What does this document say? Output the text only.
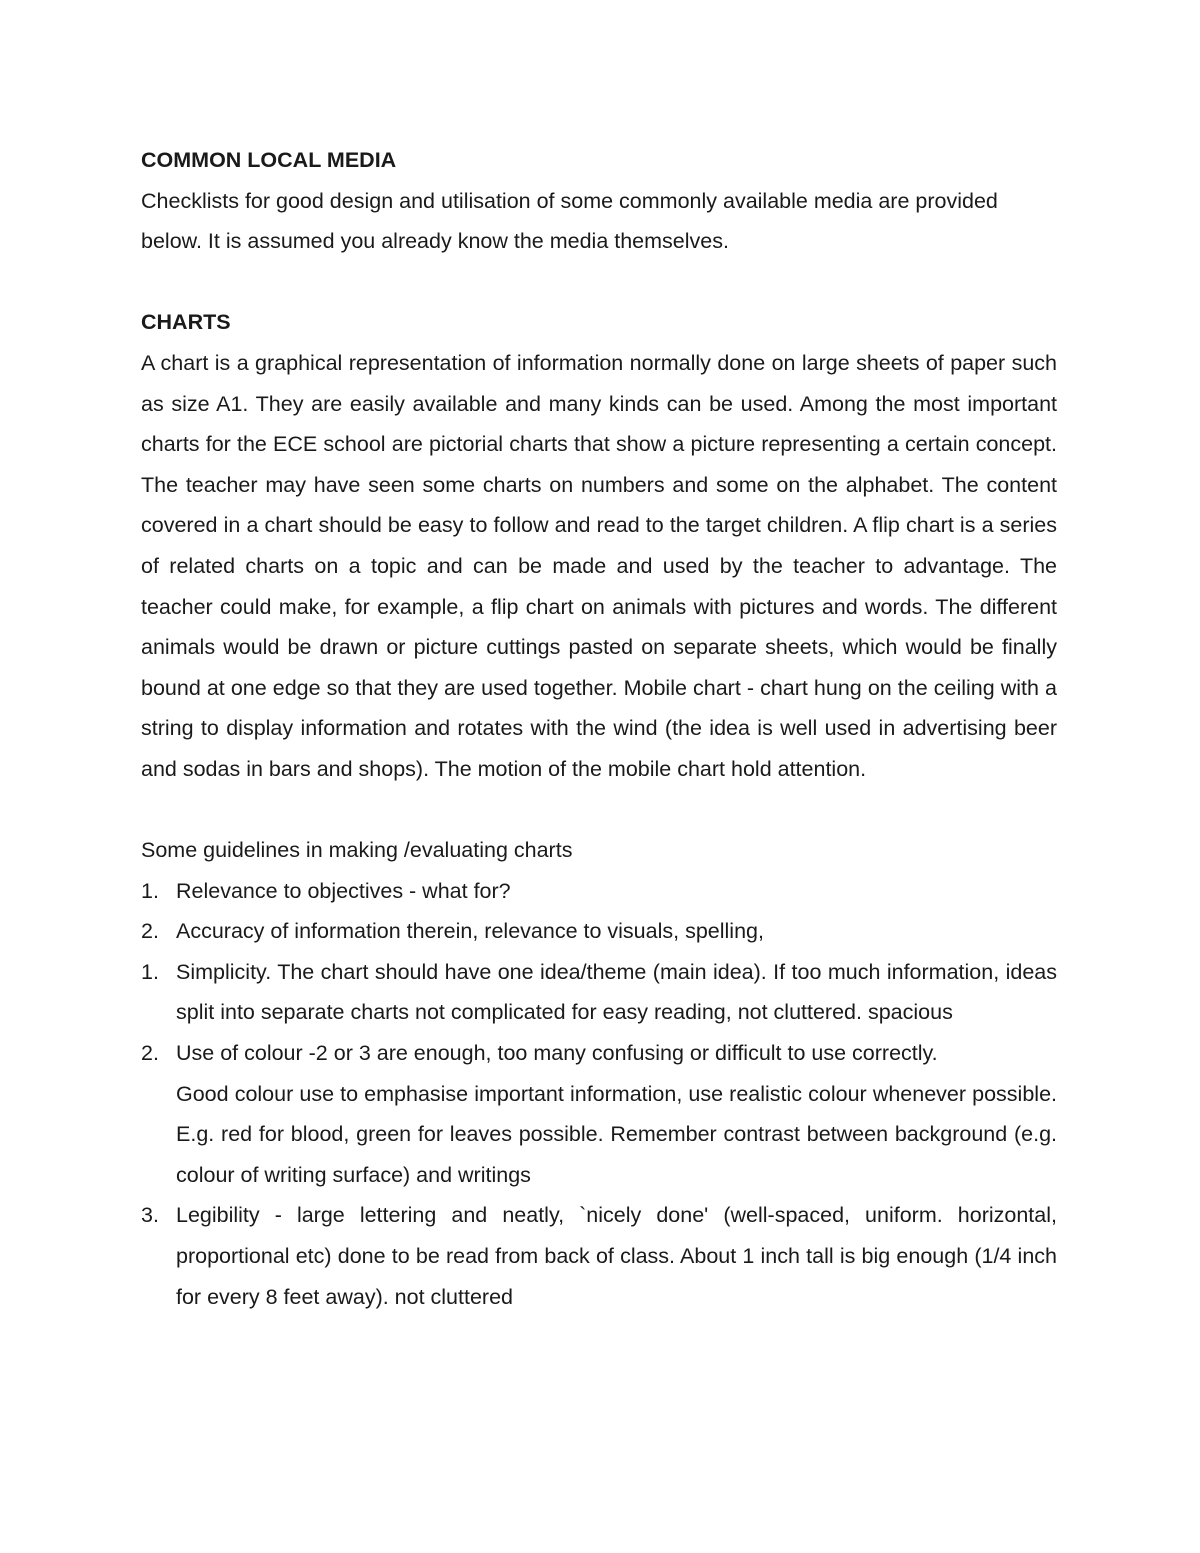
COMMON LOCAL MEDIA

Checklists for good design and utilisation of some commonly available media are provided below. It is assumed you already know the media themselves.

CHARTS

A chart is a graphical representation of information normally done on large sheets of paper such as size A1. They are easily available and many kinds can be used. Among the most important charts for the ECE school are pictorial charts that show a picture representing a certain concept. The teacher may have seen some charts on numbers and some on the alphabet. The content covered in a chart should be easy to follow and read to the target children. A flip chart is a series of related charts on a topic and can be made and used by the teacher to advantage. The teacher could make, for example, a flip chart on animals with pictures and words. The different animals would be drawn or picture cuttings pasted on separate sheets, which would be finally bound at one edge so that they are used together. Mobile chart - chart hung on the ceiling with a string to display information and rotates with the wind (the idea is well used in advertising beer and sodas in bars and shops). The motion of the mobile chart hold attention.

Some guidelines in making /evaluating charts

1. Relevance to objectives - what for?
2. Accuracy of information therein, relevance to visuals, spelling,
1. Simplicity. The chart should have one idea/theme (main idea). If too much information, ideas split into separate charts not complicated for easy reading, not cluttered. spacious
2. Use of colour -2 or 3 are enough, too many confusing or difficult to use correctly.
Good colour use to emphasise important information, use realistic colour whenever possible. E.g. red for blood, green for leaves possible. Remember contrast between background (e.g. colour of writing surface) and writings
3. Legibility - large lettering and neatly, `nicely done' (well-spaced, uniform. horizontal, proportional etc) done to be read from back of class. About 1 inch tall is big enough (1/4 inch for every 8 feet away). not cluttered
